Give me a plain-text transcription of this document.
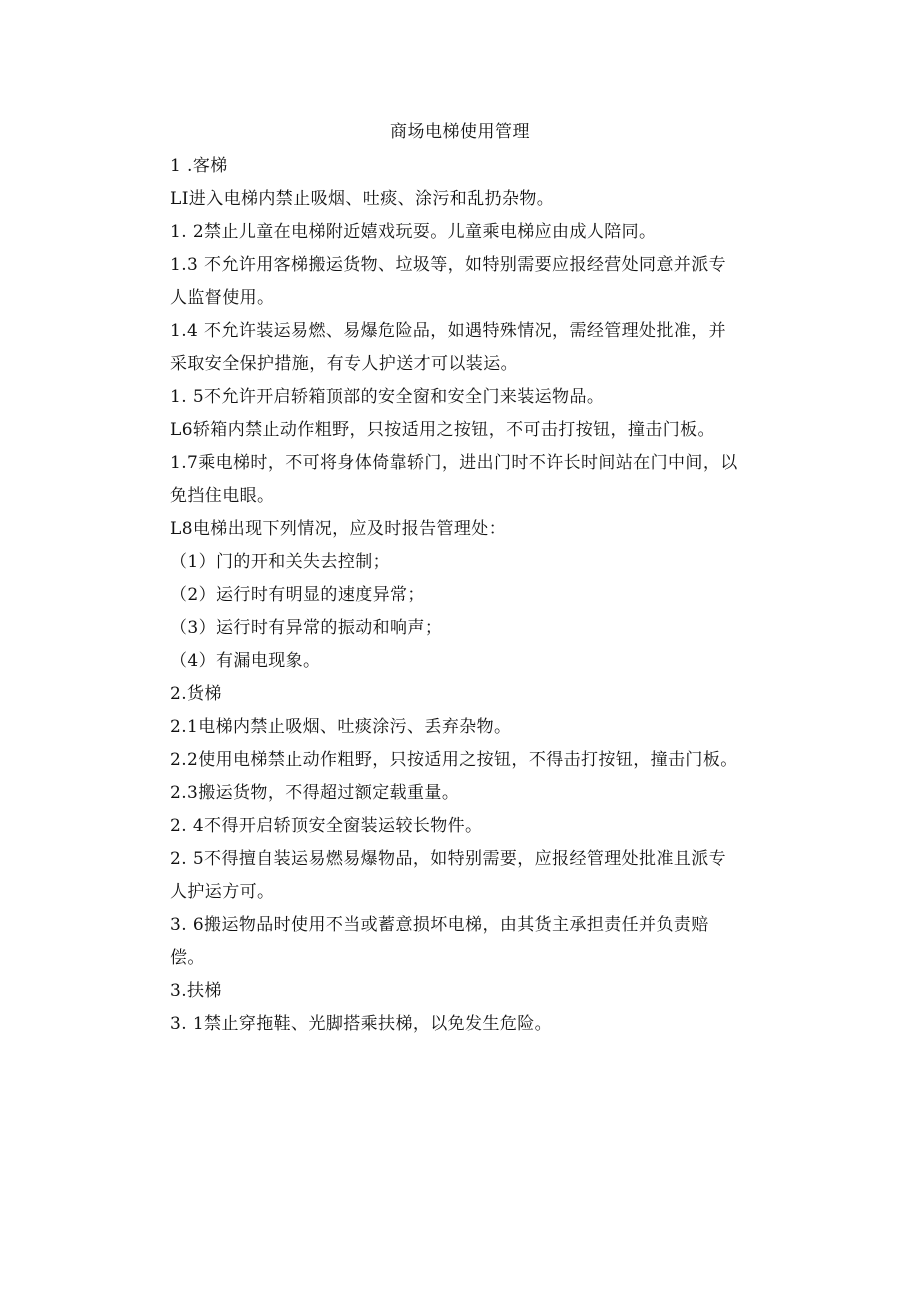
商场电梯使用管理
1 .客梯
LI进入电梯内禁止吸烟、吐痰、涂污和乱扔杂物。
1. 2禁止儿童在电梯附近嬉戏玩耍。儿童乘电梯应由成人陪同。
1.3 不允许用客梯搬运货物、垃圾等，如特别需要应报经营处同意并派专
人监督使用。
1.4 不允许装运易燃、易爆危险品，如遇特殊情况，需经管理处批准，并
采取安全保护措施，有专人护送才可以装运。
1. 5不允许开启轿箱顶部的安全窗和安全门来装运物品。
L6轿箱内禁止动作粗野，只按适用之按钮，不可击打按钮，撞击门板。
1.7乘电梯时，不可将身体倚靠轿门，进出门时不许长时间站在门中间，以
免挡住电眼。
L8电梯出现下列情况，应及时报告管理处：
（1）门的开和关失去控制；
（2）运行时有明显的速度异常；
（3）运行时有异常的振动和响声；
（4）有漏电现象。
2.货梯
2.1电梯内禁止吸烟、吐痰涂污、丢弃杂物。
2.2使用电梯禁止动作粗野，只按适用之按钮，不得击打按钮，撞击门板。
2.3搬运货物，不得超过额定载重量。
2. 4不得开启轿顶安全窗装运较长物件。
2. 5不得擅自装运易燃易爆物品，如特别需要，应报经管理处批准且派专
人护运方可。
3. 6搬运物品时使用不当或蓄意损坏电梯，由其货主承担责任并负责赔
偿。
3.扶梯
3. 1禁止穿拖鞋、光脚搭乘扶梯，以免发生危险。
